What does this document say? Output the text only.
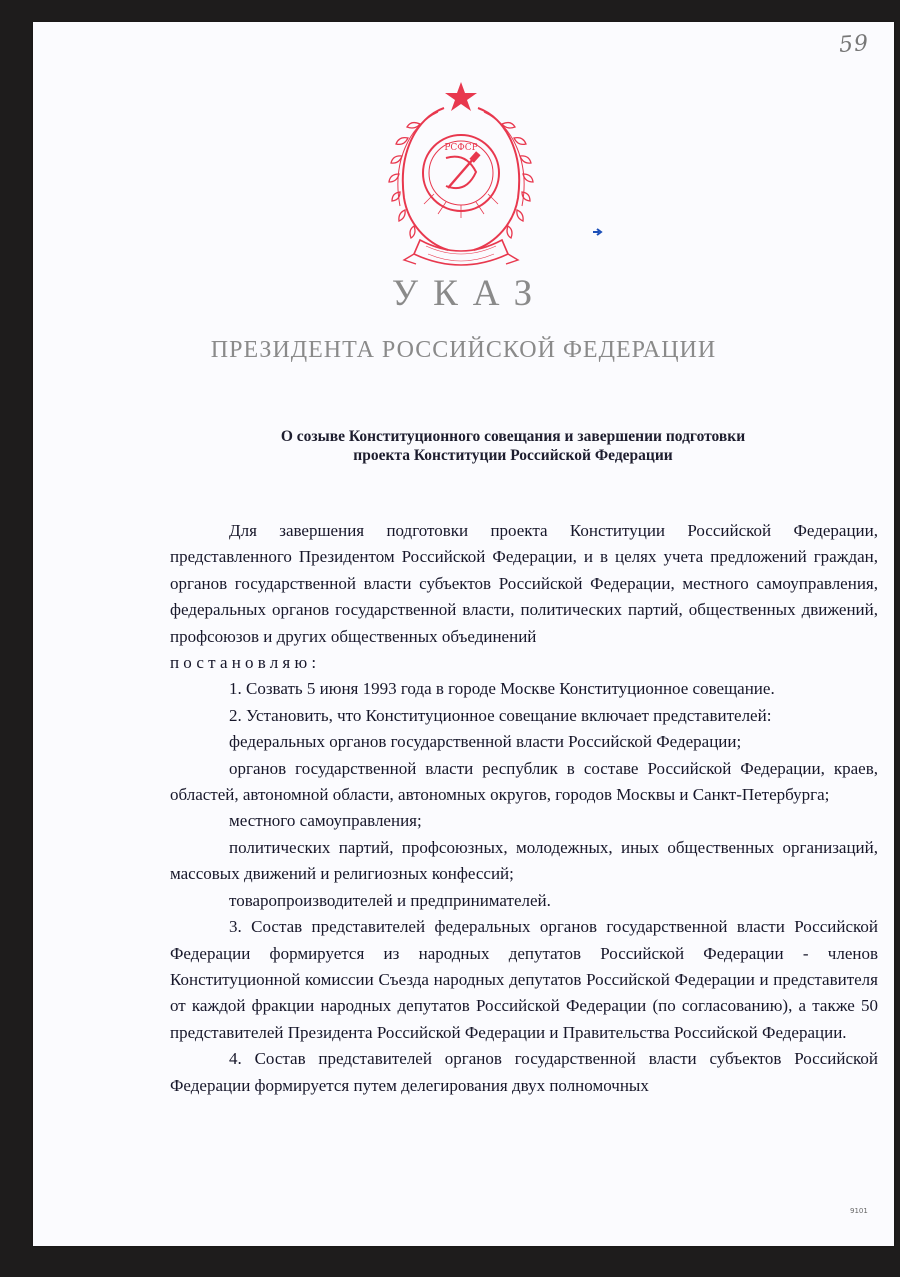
59
РСФСР
УКАЗ
ПРЕЗИДЕНТА РОССИЙСКОЙ ФЕДЕРАЦИИ
О созыве Конституционного совещания и завершении подготовки
проекта Конституции Российской Федерации

Для завершения подготовки проекта Конституции Российской Федерации, представленного Президентом Российской Федерации, и в целях учета предложений граждан, органов государственной власти субъектов Российской Федерации, местного самоуправления, федеральных органов государственной власти, политических партий, общественных движений, профсоюзов и других общественных объединений

постановляю:

1. Созвать 5 июня 1993 года в городе Москве Конституционное совещание.

2. Установить, что Конституционное совещание включает представителей:

федеральных органов государственной власти Российской Федерации;

органов государственной власти республик в составе Российской Федерации, краев, областей, автономной области, автономных округов, городов Москвы и Санкт-Петербурга;

местного самоуправления;

политических партий, профсоюзных, молодежных, иных общественных организаций, массовых движений и религиозных конфессий;

товаропроизводителей и предпринимателей.

3. Состав представителей федеральных органов государственной власти Российской Федерации формируется из народных депутатов Российской Федерации - членов Конституционной комиссии Съезда народных депутатов Российской Федерации и представителя от каждой фракции народных депутатов Российской Федерации (по согласованию), а также 50 представителей Президента Российской Федерации и Правительства Российской Федерации.

4. Состав представителей органов государственной власти субъектов Российской Федерации формируется путем делегирования двух полномочных

9101
